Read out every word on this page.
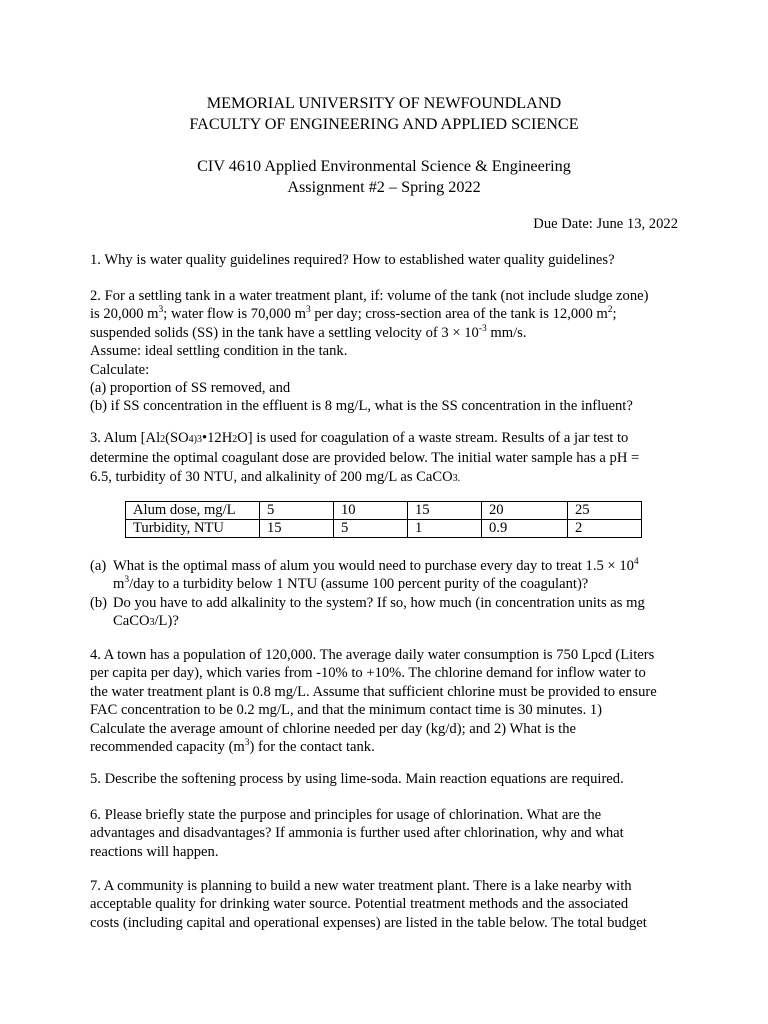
MEMORIAL UNIVERSITY OF NEWFOUNDLAND
FACULTY OF ENGINEERING AND APPLIED SCIENCE
CIV 4610 Applied Environmental Science & Engineering
Assignment #2 – Spring 2022
Due Date: June 13, 2022
1. Why is water quality guidelines required? How to established water quality guidelines?
2. For a settling tank in a water treatment plant, if: volume of the tank (not include sludge zone)
is 20,000 $m^3$; water flow is 70,000 $m^3$ per day; cross-section area of the tank is 12,000 $m^2$;
suspended solids (SS) in the tank have a settling velocity of $3 \times 10^{-3}$ mm/s.
Assume: ideal settling condition in the tank.
Calculate:
(a) proportion of SS removed, and
(b) if SS concentration in the effluent is 8 mg/L, what is the SS concentration in the influent?
3. Alum [Al2(SO4)3•12H2O] is used for coagulation of a waste stream. Results of a jar test to
determine the optimal coagulant dose are provided below. The initial water sample has a pH =
6.5, turbidity of 30 NTU, and alkalinity of 200 mg/L as CaCO3.
Alum dose, mg/L	5	10	15	20	25
Turbidity, NTU	15	5	1	0.9	2
(a) What is the optimal mass of alum you would need to purchase every day to treat $1.5 \times 10^4$
$m^3$/day to a turbidity below 1 NTU (assume 100 percent purity of the coagulant)?
(b) Do you have to add alkalinity to the system? If so, how much (in concentration units as mg
CaCO3/L)?
4. A town has a population of 120,000. The average daily water consumption is 750 Lpcd (Liters
per capita per day), which varies from -10% to +10%. The chlorine demand for inflow water to
the water treatment plant is 0.8 mg/L. Assume that sufficient chlorine must be provided to ensure
FAC concentration to be 0.2 mg/L, and that the minimum contact time is 30 minutes. 1)
Calculate the average amount of chlorine needed per day (kg/d); and 2) What is the
recommended capacity $(m^3)$ for the contact tank.
5. Describe the softening process by using lime-soda. Main reaction equations are required.
6. Please briefly state the purpose and principles for usage of chlorination. What are the
advantages and disadvantages? If ammonia is further used after chlorination, why and what
reactions will happen.
7. A community is planning to build a new water treatment plant. There is a lake nearby with
acceptable quality for drinking water source. Potential treatment methods and the associated
costs (including capital and operational expenses) are listed in the table below. The total budget
